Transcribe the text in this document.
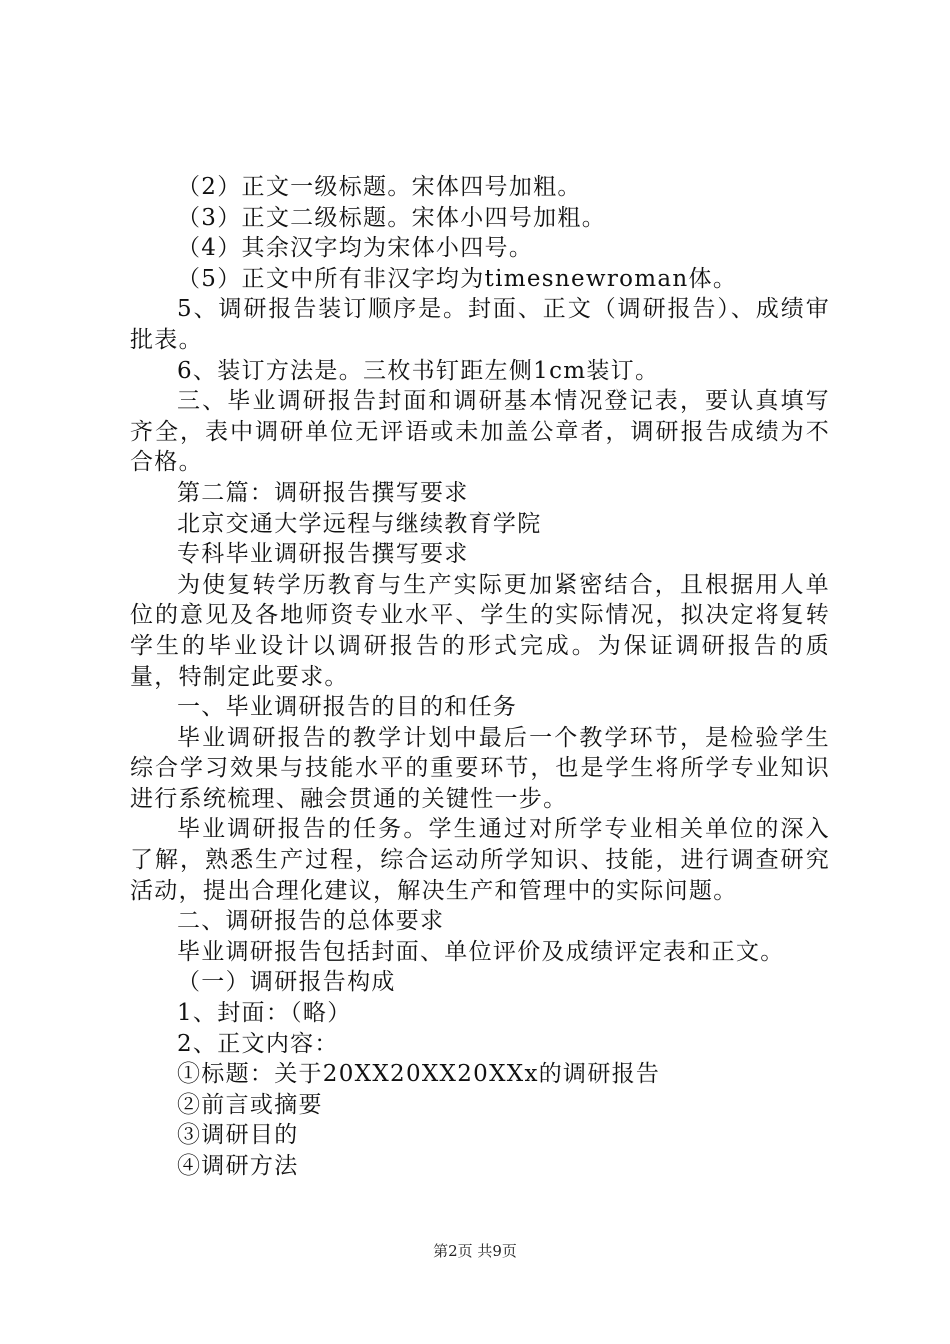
（2）正文一级标题。宋体四号加粗。
（3）正文二级标题。宋体小四号加粗。
（4）其余汉字均为宋体小四号。
（5）正文中所有非汉字均为timesnewroman体。
5、调研报告装订顺序是。封面、正文（调研报告）、成绩审批表。
6、装订方法是。三枚书钉距左侧1cm装订。
三、毕业调研报告封面和调研基本情况登记表，要认真填写齐全，表中调研单位无评语或未加盖公章者，调研报告成绩为不合格。
第二篇：调研报告撰写要求
北京交通大学远程与继续教育学院
专科毕业调研报告撰写要求
为使复转学历教育与生产实际更加紧密结合，且根据用人单位的意见及各地师资专业水平、学生的实际情况，拟决定将复转学生的毕业设计以调研报告的形式完成。为保证调研报告的质量，特制定此要求。
一、毕业调研报告的目的和任务
毕业调研报告的教学计划中最后一个教学环节，是检验学生综合学习效果与技能水平的重要环节，也是学生将所学专业知识进行系统梳理、融会贯通的关键性一步。
毕业调研报告的任务。学生通过对所学专业相关单位的深入了解，熟悉生产过程，综合运动所学知识、技能，进行调查研究活动，提出合理化建议，解决生产和管理中的实际问题。
二、调研报告的总体要求
毕业调研报告包括封面、单位评价及成绩评定表和正文。
（一）调研报告构成
1、封面：（略）
2、正文内容：
①标题：关于20XX20XX20XXx的调研报告
②前言或摘要
③调研目的
④调研方法
第2页 共9页
